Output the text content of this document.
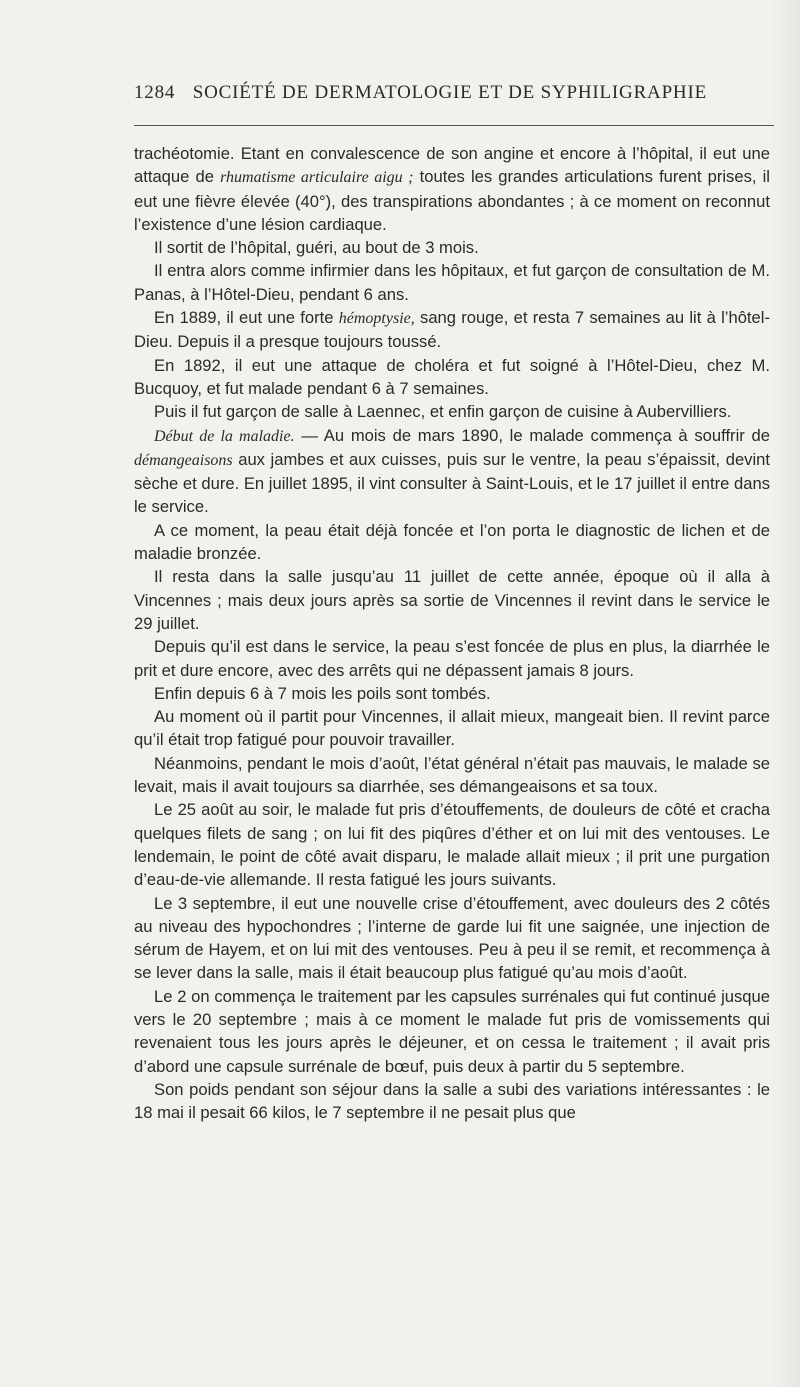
1284 SOCIÉTÉ DE DERMATOLOGIE ET DE SYPHILIGRAPHIE

trachéotomie. Etant en convalescence de son angine et encore à l’hôpital, il eut une attaque de rhumatisme articulaire aigu ; toutes les grandes articulations furent prises, il eut une fièvre élevée (40°), des transpirations abondantes ; à ce moment on reconnut l’existence d’une lésion cardiaque.

Il sortit de l’hôpital, guéri, au bout de 3 mois.

Il entra alors comme infirmier dans les hôpitaux, et fut garçon de consultation de M. Panas, à l’Hôtel-Dieu, pendant 6 ans.

En 1889, il eut une forte hémoptysie, sang rouge, et resta 7 semaines au lit à l’hôtel-Dieu. Depuis il a presque toujours toussé.

En 1892, il eut une attaque de choléra et fut soigné à l’Hôtel-Dieu, chez M. Bucquoy, et fut malade pendant 6 à 7 semaines.

Puis il fut garçon de salle à Laennec, et enfin garçon de cuisine à Aubervilliers.

Début de la maladie. — Au mois de mars 1890, le malade commença à souffrir de démangeaisons aux jambes et aux cuisses, puis sur le ventre, la peau s’épaissit, devint sèche et dure. En juillet 1895, il vint consulter à Saint-Louis, et le 17 juillet il entre dans le service.

A ce moment, la peau était déjà foncée et l’on porta le diagnostic de lichen et de maladie bronzée.

Il resta dans la salle jusqu’au 11 juillet de cette année, époque où il alla à Vincennes ; mais deux jours après sa sortie de Vincennes il revint dans le service le 29 juillet.

Depuis qu’il est dans le service, la peau s’est foncée de plus en plus, la diarrhée le prit et dure encore, avec des arrêts qui ne dépassent jamais 8 jours.

Enfin depuis 6 à 7 mois les poils sont tombés.

Au moment où il partit pour Vincennes, il allait mieux, mangeait bien. Il revint parce qu’il était trop fatigué pour pouvoir travailler.

Néanmoins, pendant le mois d’août, l’état général n’était pas mauvais, le malade se levait, mais il avait toujours sa diarrhée, ses démangeaisons et sa toux.

Le 25 août au soir, le malade fut pris d’étouffements, de douleurs de côté et cracha quelques filets de sang ; on lui fit des piqûres d’éther et on lui mit des ventouses. Le lendemain, le point de côté avait disparu, le malade allait mieux ; il prit une purgation d’eau-de-vie allemande. Il resta fatigué les jours suivants.

Le 3 septembre, il eut une nouvelle crise d’étouffement, avec douleurs des 2 côtés au niveau des hypochondres ; l’interne de garde lui fit une saignée, une injection de sérum de Hayem, et on lui mit des ventouses. Peu à peu il se remit, et recommença à se lever dans la salle, mais il était beaucoup plus fatigué qu’au mois d’août.

Le 2 on commença le traitement par les capsules surrénales qui fut continué jusque vers le 20 septembre ; mais à ce moment le malade fut pris de vomissements qui revenaient tous les jours après le déjeuner, et on cessa le traitement ; il avait pris d’abord une capsule surrénale de bœuf, puis deux à partir du 5 septembre.

Son poids pendant son séjour dans la salle a subi des variations intéressantes : le 18 mai il pesait 66 kilos, le 7 septembre il ne pesait plus que
